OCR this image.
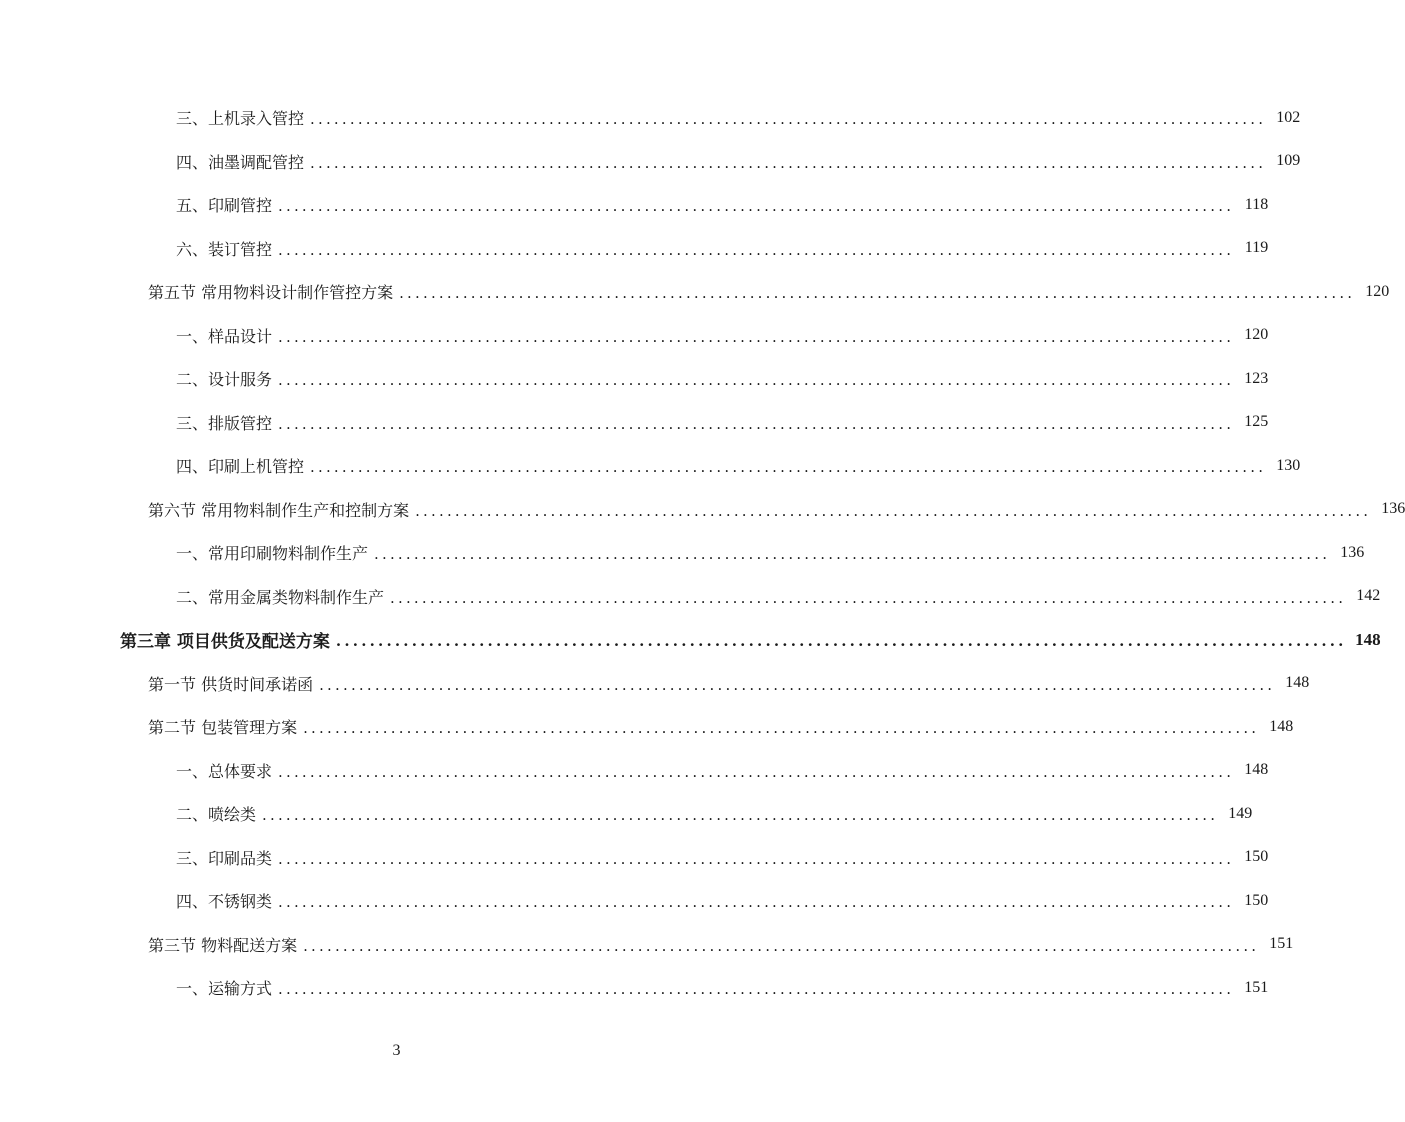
三、上机录入管控 ........................................................................................................................ 102
四、油墨调配管控 ........................................................................................................................ 109
五、印刷管控 ........................................................................................................................ 118
六、装订管控 ........................................................................................................................ 119
第五节 常用物料设计制作管控方案 ........................................................................................................................ 120
一、样品设计 ........................................................................................................................ 120
二、设计服务 ........................................................................................................................ 123
三、排版管控 ........................................................................................................................ 125
四、印刷上机管控 ........................................................................................................................ 130
第六节 常用物料制作生产和控制方案 ........................................................................................................................ 136
一、常用印刷物料制作生产 ........................................................................................................................ 136
二、常用金属类物料制作生产 ........................................................................................................................ 142
第三章 项目供货及配送方案 ........................................................................................................................ 148
第一节 供货时间承诺函 ........................................................................................................................ 148
第二节 包装管理方案 ........................................................................................................................ 148
一、总体要求 ........................................................................................................................ 148
二、喷绘类 ........................................................................................................................ 149
三、印刷品类 ........................................................................................................................ 150
四、不锈钢类 ........................................................................................................................ 150
第三节 物料配送方案 ........................................................................................................................ 151
一、运输方式 ........................................................................................................................ 151
3
